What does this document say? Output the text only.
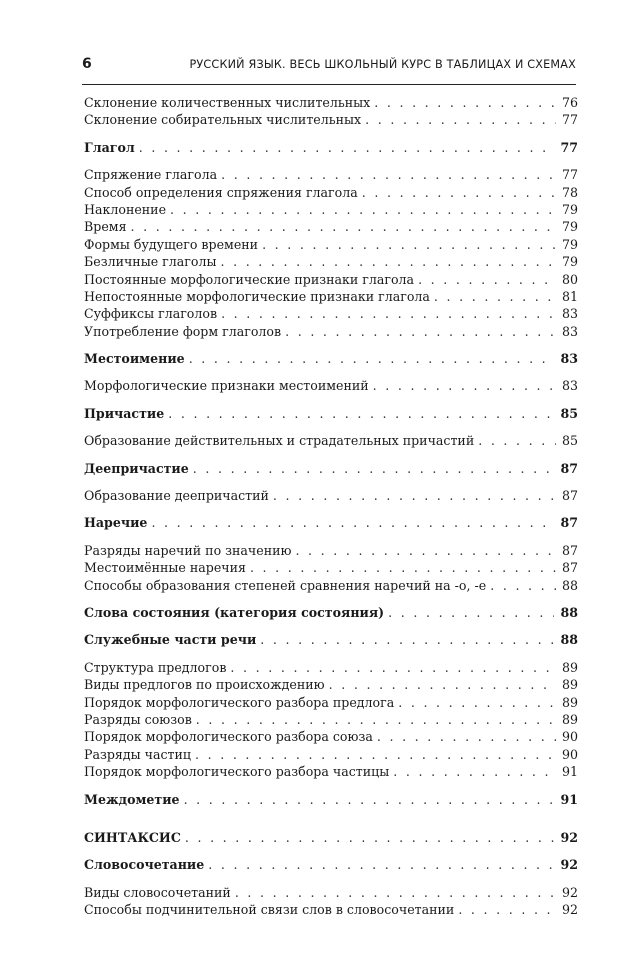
6	РУССКИЙ ЯЗЫК. ВЕСЬ ШКОЛЬНЫЙ КУРС В ТАБЛИЦАХ И СХЕМАХ
Склонение количественных числительных . . .	76
Склонение собирательных числительных . . .	77
Глагол . . .	77
Спряжение глагола . . .	77
Способ определения спряжения глагола . . .	78
Наклонение . . .	79
Время . . .	79
Формы будущего времени . . .	79
Безличные глаголы . . .	79
Постоянные морфологические признаки глагола . . .	80
Непостоянные морфологические признаки глагола . . .	81
Суффиксы глаголов . . .	83
Употребление форм глаголов . . .	83
Местоимение . . .	83
Морфологические признаки местоимений . . .	83
Причастие . . .	85
Образование действительных и страдательных причастий . . .	85
Деепричастие . . .	87
Образование деепричастий . . .	87
Наречие . . .	87
Разряды наречий по значению . . .	87
Местоимённые наречия . . .	87
Способы образования степеней сравнения наречий на -о, -е . . .	88
Слова состояния (категория состояния) . . .	88
Служебные части речи . . .	88
Структура предлогов . . .	89
Виды предлогов по происхождению . . .	89
Порядок морфологического разбора предлога . . .	89
Разряды союзов . . .	89
Порядок морфологического разбора союза . . .	90
Разряды частиц . . .	90
Порядок морфологического разбора частицы . . .	91
Междометие . . .	91
СИНТАКСИС . . .	92
Словосочетание . . .	92
Виды словосочетаний . . .	92
Способы подчинительной связи слов в словосочетании . . .	92
